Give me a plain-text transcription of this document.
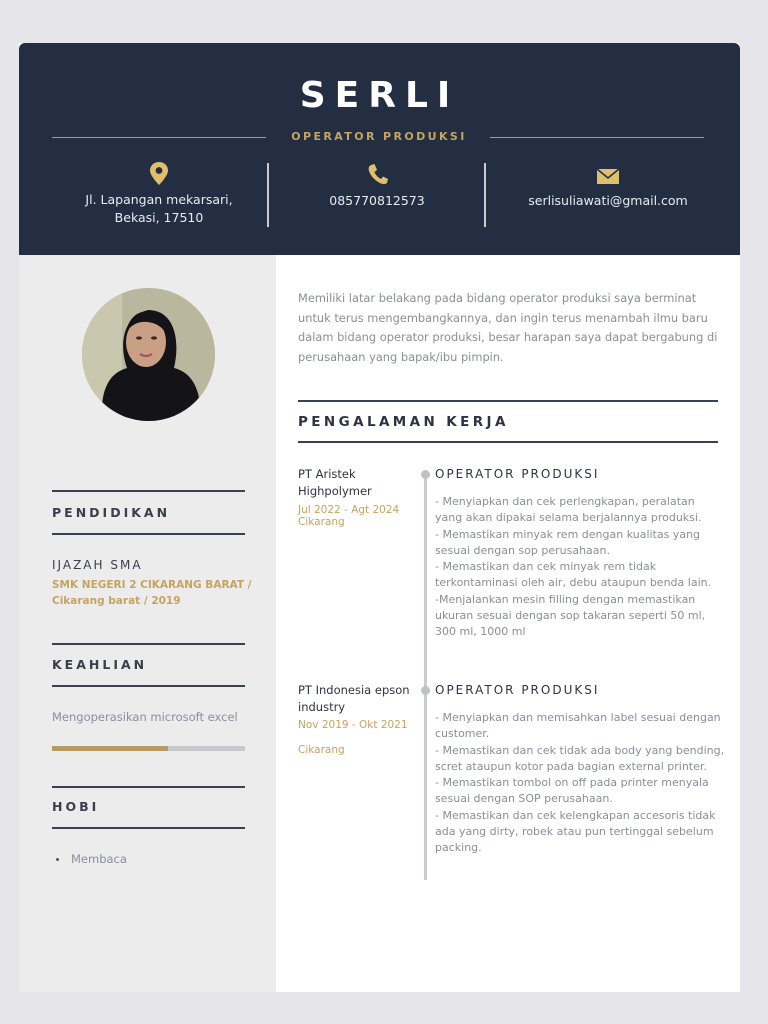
SERLI
OPERATOR PRODUKSI
Jl. Lapangan mekarsari,
Bekasi, 17510
085770812573	serlisuliawati@gmail.com
PENDIDIKAN
IJAZAH SMA
SMK NEGERI 2 CIKARANG BARAT / Cikarang barat / 2019
KEAHLIAN
Mengoperasikan microsoft excel
HOBI
Membaca
Memiliki latar belakang pada bidang operator produksi saya berminat untuk terus mengembangkannya, dan ingin terus menambah ilmu baru dalam bidang operator produksi, besar harapan saya dapat bergabung di perusahaan yang bapak/ibu pimpin.
PENGALAMAN KERJA
PT Aristek Highpolymer
Jul 2022 - Agt 2024
Cikarang
OPERATOR PRODUKSI
- Menyiapkan dan cek perlengkapan, peralatan yang akan dipakai selama berjalannya produksi.
- Memastikan minyak rem dengan kualitas yang sesuai dengan sop perusahaan.
- Memastikan dan cek minyak rem tidak terkontaminasi oleh air, debu ataupun benda lain.
-Menjalankan mesin filling dengan memastikan ukuran sesuai dengan sop takaran seperti 50 ml, 300 ml, 1000 ml
PT Indonesia epson industry
Nov 2019 - Okt 2021
Cikarang
OPERATOR PRODUKSI
- Menyiapkan dan memisahkan label sesuai dengan customer.
- Memastikan dan cek tidak ada body yang bending, scret ataupun kotor pada bagian external printer.
- Memastikan tombol on off pada printer menyala sesuai dengan SOP perusahaan.
- Memastikan dan cek kelengkapan accesoris tidak ada yang dirty, robek atau pun tertinggal sebelum packing.
